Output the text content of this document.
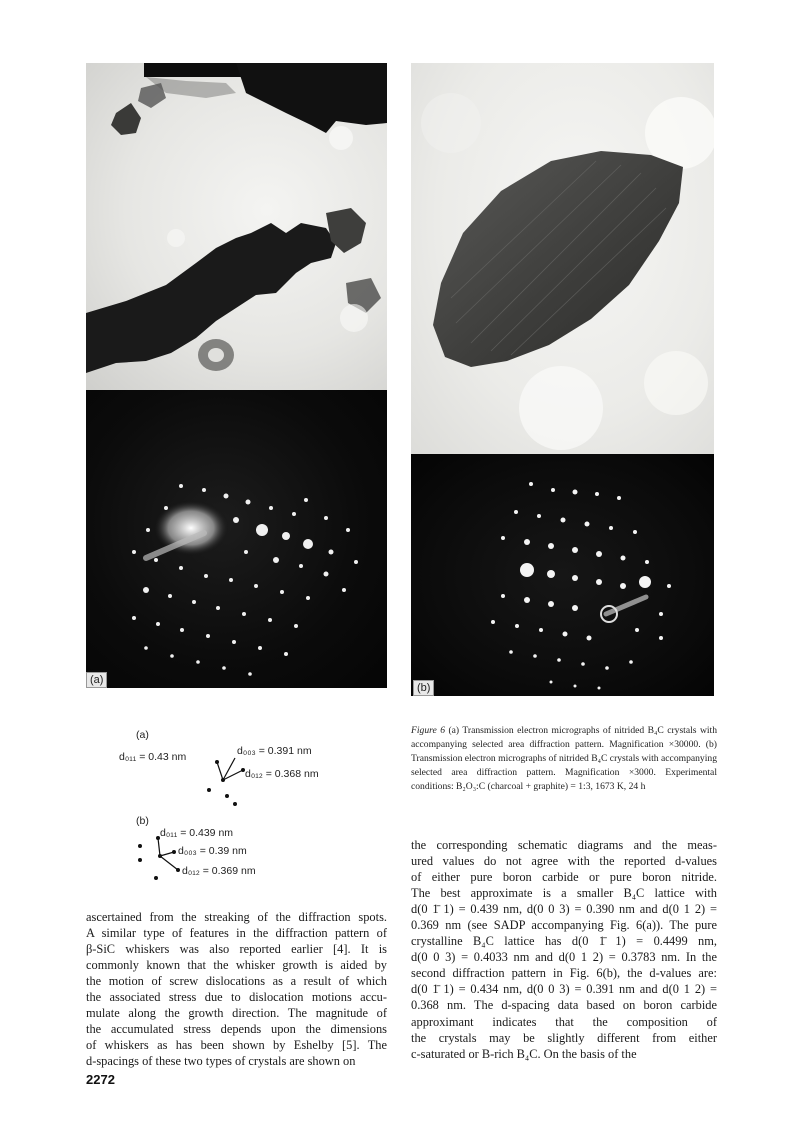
(a)
(b)
(a)
d₀₁₁ = 0.43 nm	d₀₀₃ = 0.391 nm
d₀₁₂ = 0.368 nm
(b)
d₀₁₁ = 0.439 nm
d₀₀₃ = 0.39 nm
d₀₁₂ = 0.369 nm
Figure 6 (a) Transmission electron micrographs of nitrided B₄C crystals with accompanying selected area diffraction pattern. Magnification ×30000. (b) Transmission electron micrographs of nitrided B₄C crystals with accompanying selected area diffraction pattern. Magnification ×3000. Experimental conditions: B₂O₃:C (charcoal + graphite) = 1:3, 1673 K, 24 h
ascertained from the streaking of the diffraction spots.
A similar type of features in the diffraction pattern of
β-SiC whiskers was also reported earlier [4]. It is
commonly known that the whisker growth is aided by
the motion of screw dislocations as a result of which
the associated stress due to dislocation motions accu-
mulate along the growth direction. The magnitude of
the accumulated stress depends upon the dimensions
of whiskers as has been shown by Eshelby [5]. The
d-spacings of these two types of crystals are shown on
the corresponding schematic diagrams and the meas-
ured values do not agree with the reported d-values
of either pure boron carbide or pure boron nitride.
The best approximate is a smaller B₄C lattice with
d(0 1̄ 1) = 0.439 nm, d(0 0 3) = 0.390 nm and d(0 1 2) =
0.369 nm (see SADP accompanying Fig. 6(a)). The pure
crystalline B₄C lattice has d(0 1̄ 1) = 0.4499 nm,
d(0 0 3) = 0.4033 nm and d(0 1 2) = 0.3783 nm. In the
second diffraction pattern in Fig. 6(b), the d-values are:
d(0 1̄ 1) = 0.434 nm, d(0 0 3) = 0.391 nm and d(0 1 2) =
0.368 nm. The d-spacing data based on boron carbide
approximant indicates that the composition of
the crystals may be slightly different from either
c-saturated or B-rich B₄C. On the basis of the
2272
